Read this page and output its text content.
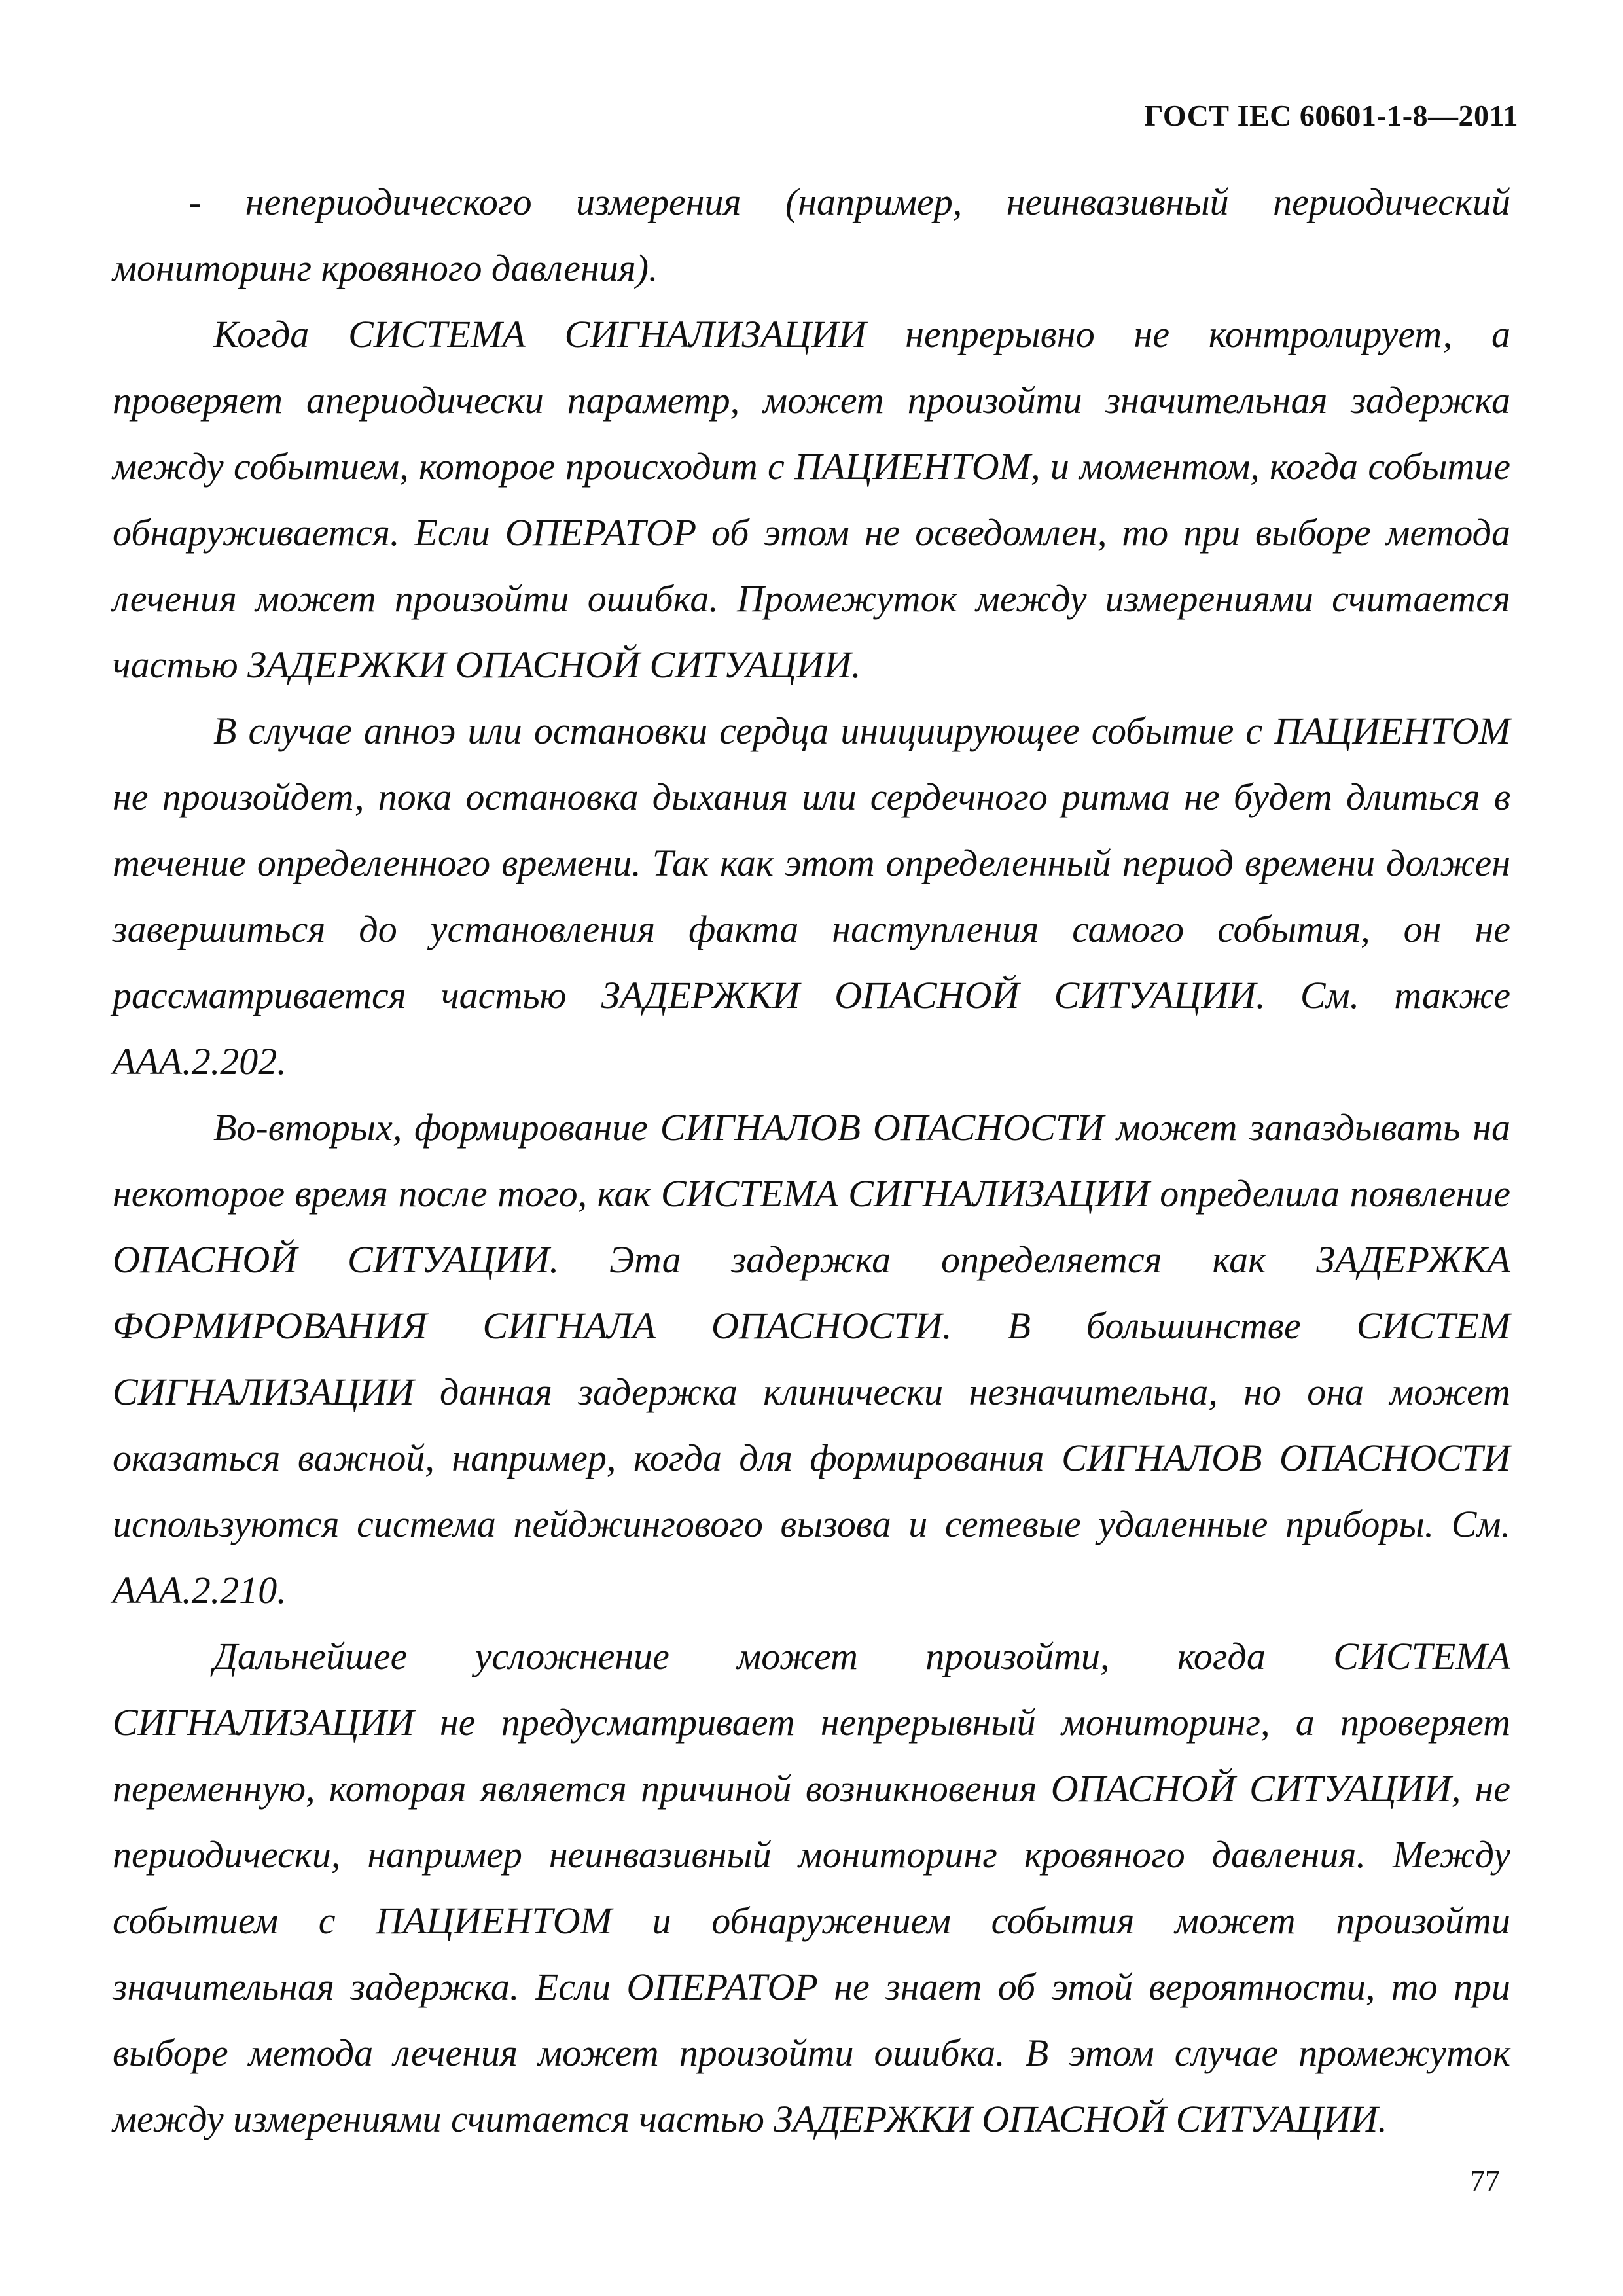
ГОСТ IEC 60601-1-8—2011

- непериодического измерения (например, неинвазивный периодический мониторинг кровяного давления).

Когда СИСТЕМА СИГНАЛИЗАЦИИ непрерывно не контролирует, а проверяет апериодически параметр, может произойти значительная задержка между событием, которое происходит с ПАЦИЕНТОМ, и моментом, когда событие обнаруживается. Если ОПЕРАТОР об этом не осведомлен, то при выборе метода лечения может произойти ошибка. Промежуток между измерениями считается частью ЗАДЕРЖКИ ОПАСНОЙ СИТУАЦИИ.

В случае апноэ или остановки сердца инициирующее событие с ПАЦИЕНТОМ не произойдет, пока остановка дыхания или сердечного ритма не будет длиться в течение определенного времени. Так как этот определенный период времени должен завершиться до установления факта наступления самого события, он не рассматривается частью ЗАДЕРЖКИ ОПАСНОЙ СИТУАЦИИ. См. также ААА.2.202.

Во-вторых, формирование СИГНАЛОВ ОПАСНОСТИ может запаздывать на некоторое время после того, как СИСТЕМА СИГНАЛИЗАЦИИ определила появление ОПАСНОЙ СИТУАЦИИ. Эта задержка определяется как ЗАДЕРЖКА ФОРМИРОВАНИЯ СИГНАЛА ОПАСНОСТИ. В большинстве СИСТЕМ СИГНАЛИЗАЦИИ данная задержка клинически незначительна, но она может оказаться важной, например, когда для формирования СИГНАЛОВ ОПАСНОСТИ используются система пейджингового вызова и сетевые удаленные приборы. См. ААА.2.210.

Дальнейшее усложнение может произойти, когда СИСТЕМА СИГНАЛИЗАЦИИ не предусматривает непрерывный мониторинг, а проверяет переменную, которая является причиной возникновения ОПАСНОЙ СИТУАЦИИ, не периодически, например неинвазивный мониторинг кровяного давления. Между событием с ПАЦИЕНТОМ и обнаружением события может произойти значительная задержка. Если ОПЕРАТОР не знает об этой вероятности, то при выборе метода лечения может произойти ошибка. В этом случае промежуток между измерениями считается частью ЗАДЕРЖКИ ОПАСНОЙ СИТУАЦИИ.

77
